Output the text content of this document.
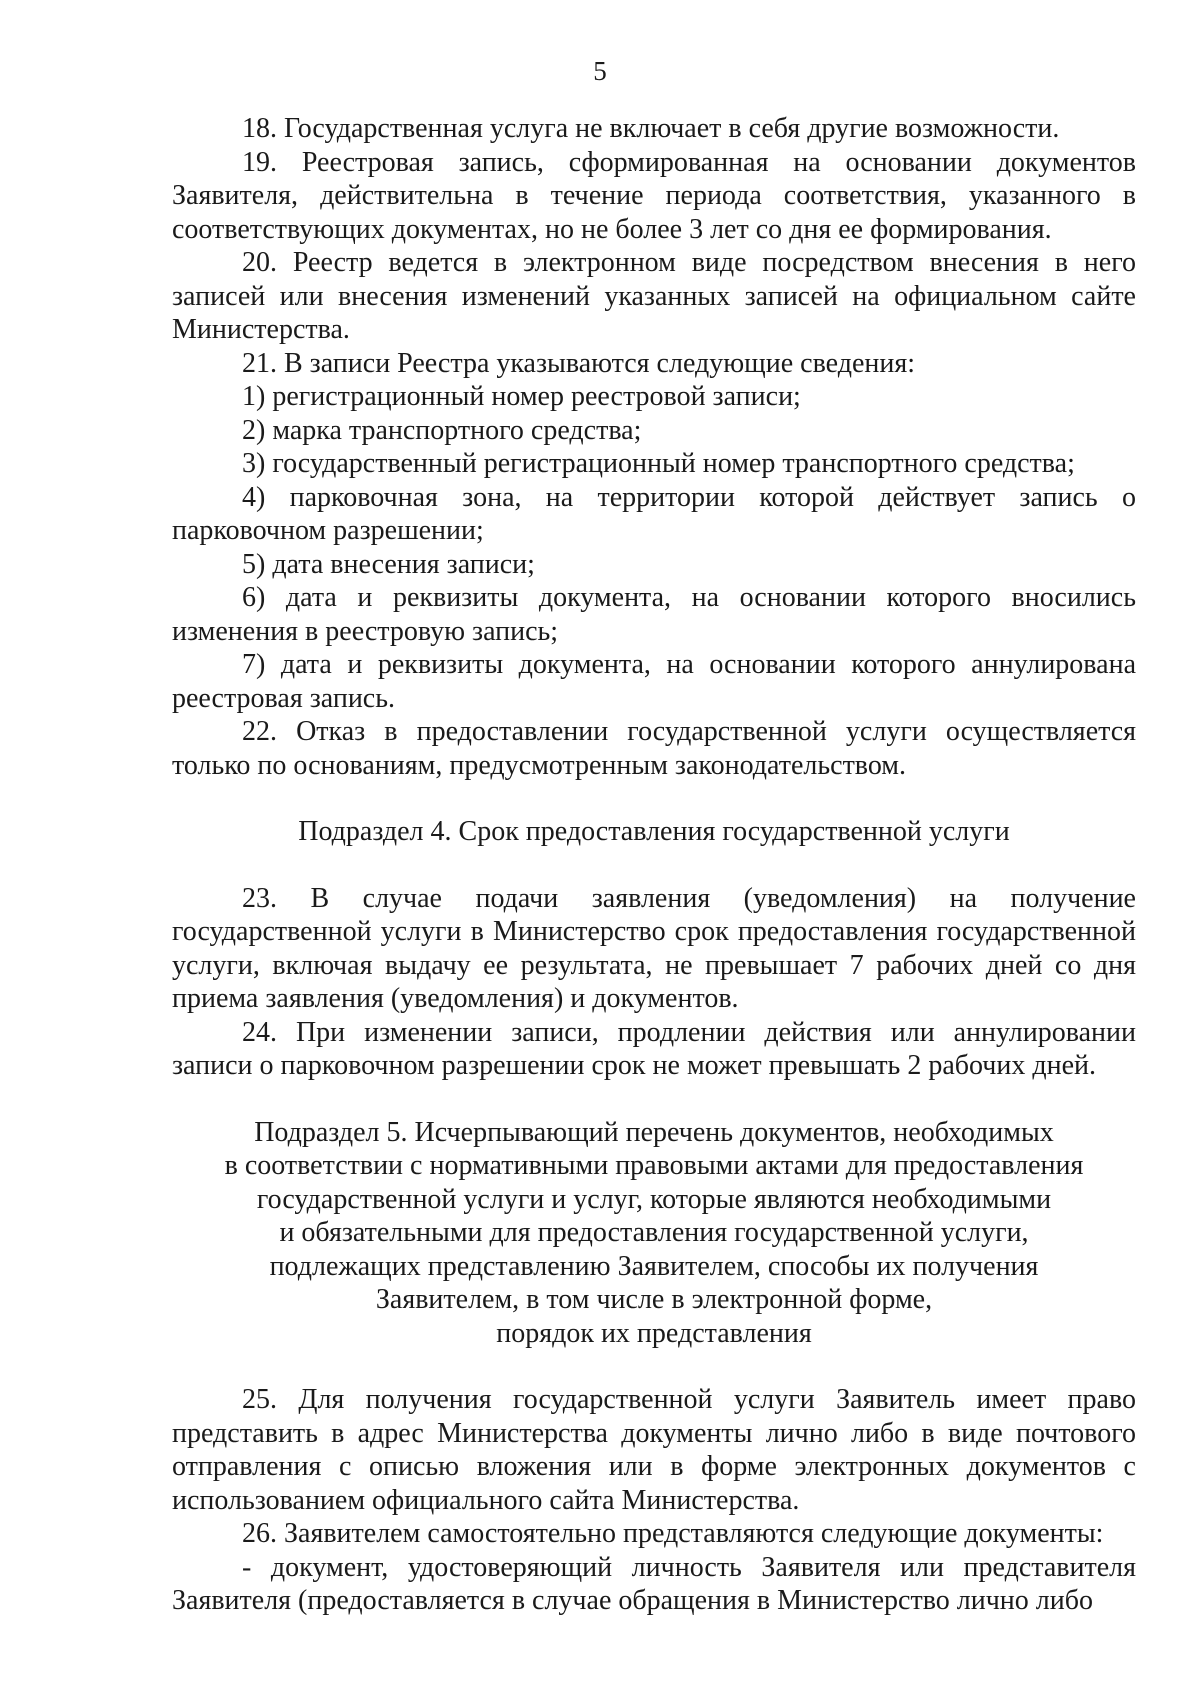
5

18. Государственная услуга не включает в себя другие возможности.

19. Реестровая запись, сформированная на основании документов Заявителя, действительна в течение периода соответствия, указанного в соответствующих документах, но не более 3 лет со дня ее формирования.

20. Реестр ведется в электронном виде посредством внесения в него записей или внесения изменений указанных записей на официальном сайте Министерства.

21. В записи Реестра указываются следующие сведения:

1) регистрационный номер реестровой записи;

2) марка транспортного средства;

3) государственный регистрационный номер транспортного средства;

4) парковочная зона, на территории которой действует запись о парковочном разрешении;

5) дата внесения записи;

6) дата и реквизиты документа, на основании которого вносились изменения в реестровую запись;

7) дата и реквизиты документа, на основании которого аннулирована реестровая запись.

22. Отказ в предоставлении государственной услуги осуществляется только по основаниям, предусмотренным законодательством.

Подраздел 4. Срок предоставления государственной услуги

23. В случае подачи заявления (уведомления) на получение государственной услуги в Министерство срок предоставления государственной услуги, включая выдачу ее результата, не превышает 7 рабочих дней со дня приема заявления (уведомления) и документов.

24. При изменении записи, продлении действия или аннулировании записи о парковочном разрешении срок не может превышать 2 рабочих дней.

Подраздел 5. Исчерпывающий перечень документов, необходимых
в соответствии с нормативными правовыми актами для предоставления
государственной услуги и услуг, которые являются необходимыми
и обязательными для предоставления государственной услуги,
подлежащих представлению Заявителем, способы их получения
Заявителем, в том числе в электронной форме,
порядок их представления

25. Для получения государственной услуги Заявитель имеет право представить в адрес Министерства документы лично либо в виде почтового отправления с описью вложения или в форме электронных документов с использованием официального сайта Министерства.

26. Заявителем самостоятельно представляются следующие документы:

- документ, удостоверяющий личность Заявителя или представителя Заявителя (предоставляется в случае обращения в Министерство лично либо
